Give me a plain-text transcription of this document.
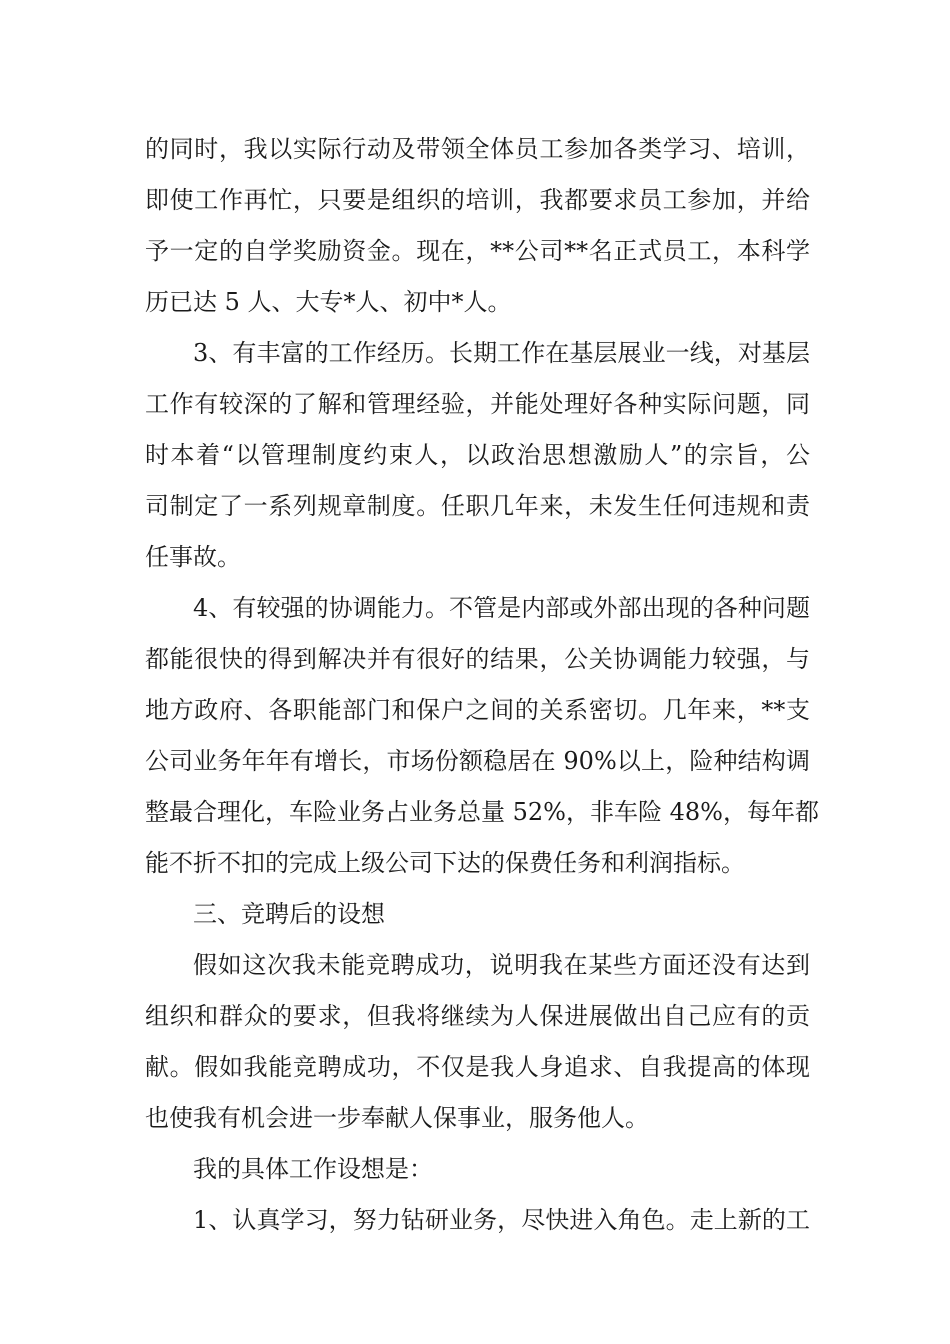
的同时，我以实际行动及带领全体员工参加各类学习、培训，
即使工作再忙，只要是组织的培训，我都要求员工参加，并给
予一定的自学奖励资金。现在，**公司**名正式员工，本科学
历已达 5 人、大专*人、初中*人。
3、有丰富的工作经历。长期工作在基层展业一线，对基层
工作有较深的了解和管理经验，并能处理好各种实际问题，同
时本着“以管理制度约束人，以政治思想激励人”的宗旨，公
司制定了一系列规章制度。任职几年来，未发生任何违规和责
任事故。
4、有较强的协调能力。不管是内部或外部出现的各种问题
都能很快的得到解决并有很好的结果，公关协调能力较强，与
地方政府、各职能部门和保户之间的关系密切。几年来，**支
公司业务年年有增长，市场份额稳居在 90%以上，险种结构调
整最合理化，车险业务占业务总量 52%，非车险 48%，每年都
能不折不扣的完成上级公司下达的保费任务和利润指标。
三、竞聘后的设想
假如这次我未能竞聘成功，说明我在某些方面还没有达到
组织和群众的要求，但我将继续为人保进展做出自己应有的贡
献。假如我能竞聘成功，不仅是我人身追求、自我提高的体现
也使我有机会进一步奉献人保事业，服务他人。
我的具体工作设想是：
1、认真学习，努力钻研业务，尽快进入角色。走上新的工
